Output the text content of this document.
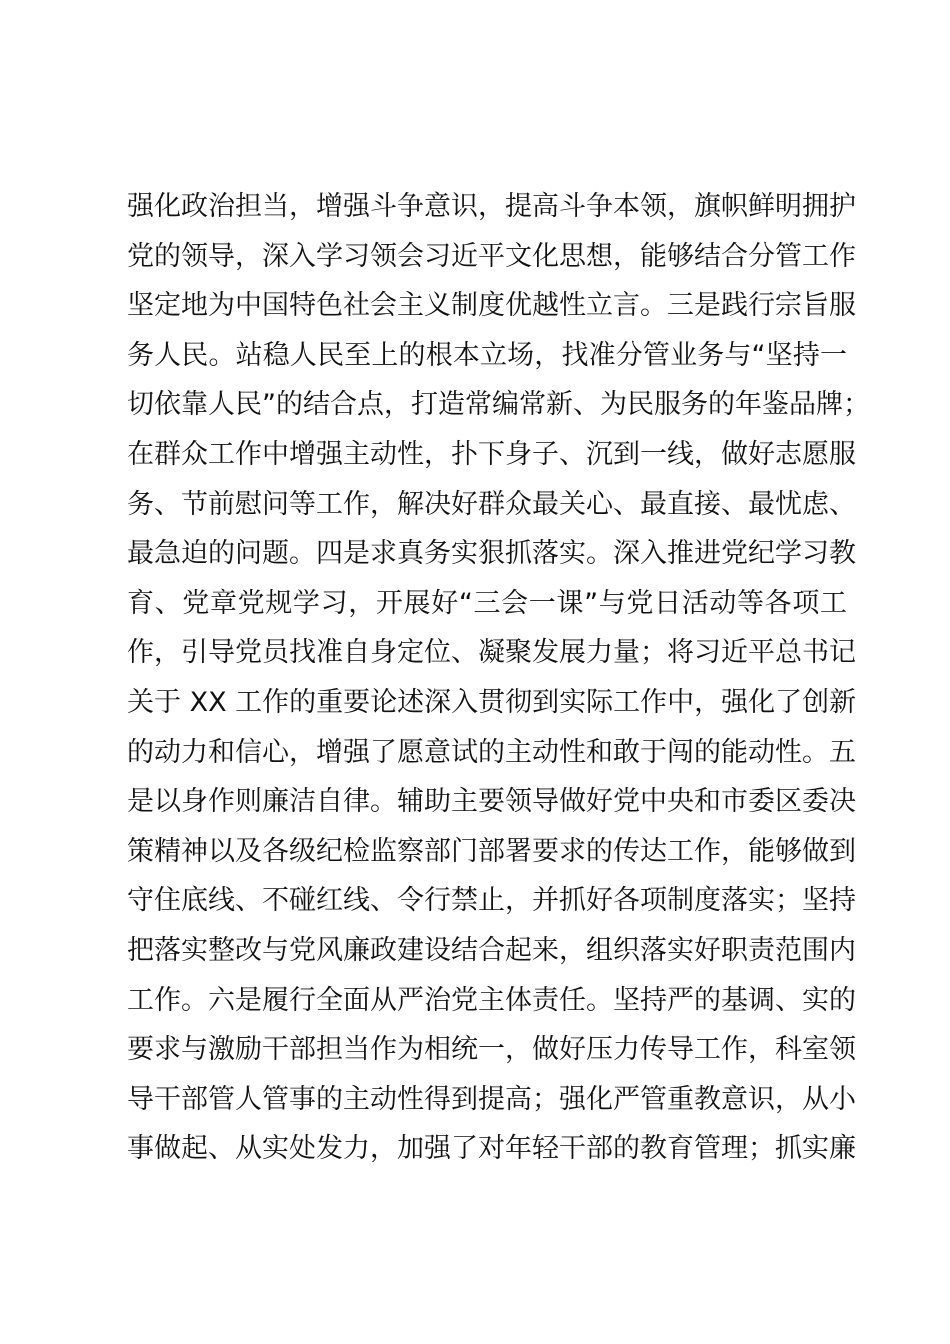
强化政治担当，增强斗争意识，提高斗争本领，旗帜鲜明拥护
党的领导，深入学习领会习近平文化思想，能够结合分管工作
坚定地为中国特色社会主义制度优越性立言。三是践行宗旨服
务人民。站稳人民至上的根本立场，找准分管业务与“坚持一
切依靠人民”的结合点，打造常编常新、为民服务的年鉴品牌；
在群众工作中增强主动性，扑下身子、沉到一线，做好志愿服
务、节前慰问等工作，解决好群众最关心、最直接、最忧虑、
最急迫的问题。四是求真务实狠抓落实。深入推进党纪学习教
育、党章党规学习，开展好“三会一课”与党日活动等各项工
作，引导党员找准自身定位、凝聚发展力量；将习近平总书记
关于 XX 工作的重要论述深入贯彻到实际工作中，强化了创新
的动力和信心，增强了愿意试的主动性和敢于闯的能动性。五
是以身作则廉洁自律。辅助主要领导做好党中央和市委区委决
策精神以及各级纪检监察部门部署要求的传达工作，能够做到
守住底线、不碰红线、令行禁止，并抓好各项制度落实；坚持
把落实整改与党风廉政建设结合起来，组织落实好职责范围内
工作。六是履行全面从严治党主体责任。坚持严的基调、实的
要求与激励干部担当作为相统一，做好压力传导工作，科室领
导干部管人管事的主动性得到提高；强化严管重教意识，从小
事做起、从实处发力，加强了对年轻干部的教育管理；抓实廉
